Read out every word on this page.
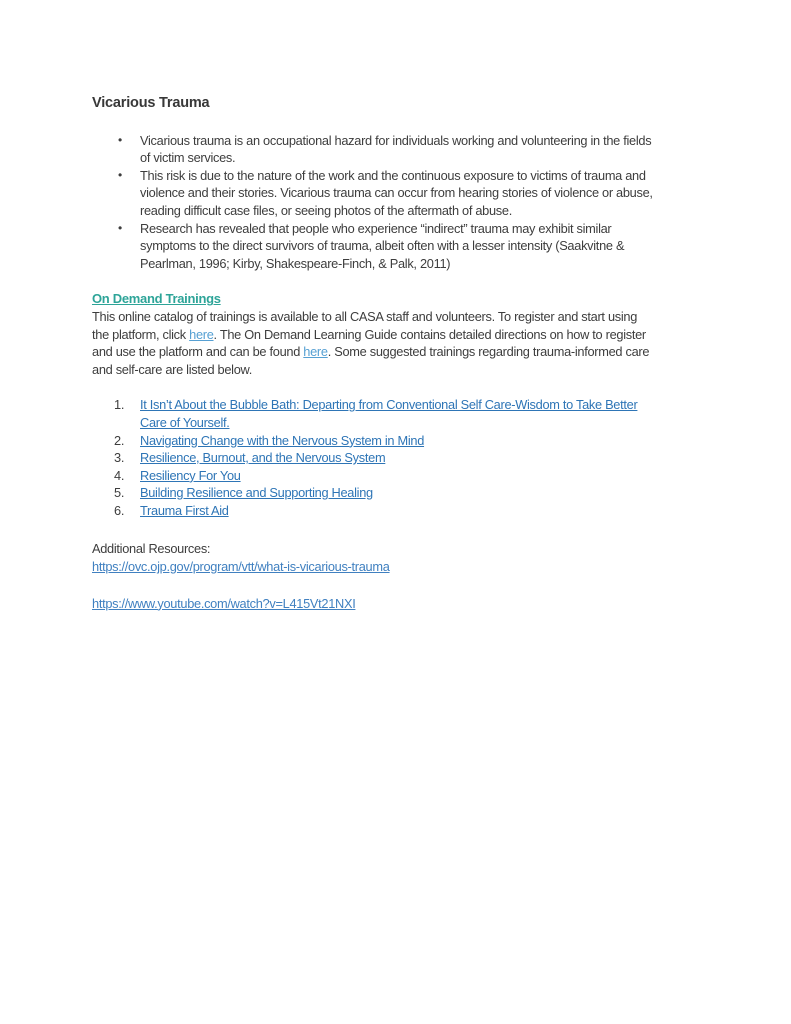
Vicarious Trauma
•	Vicarious trauma is an occupational hazard for individuals working and volunteering in the fields
of victim services.
•	This risk is due to the nature of the work and the continuous exposure to victims of trauma and
violence and their stories. Vicarious trauma can occur from hearing stories of violence or abuse,
reading difficult case files, or seeing photos of the aftermath of abuse.
•	Research has revealed that people who experience “indirect” trauma may exhibit similar
symptoms to the direct survivors of trauma, albeit often with a lesser intensity (Saakvitne &
Pearlman, 1996; Kirby, Shakespeare-Finch, & Palk, 2011)
On Demand Trainings

This online catalog of trainings is available to all CASA staff and volunteers. To register and start using
the platform, click here. The On Demand Learning Guide contains detailed directions on how to register
and use the platform and can be found here. Some suggested trainings regarding trauma-informed care
and self-care are listed below.

1.	It Isn’t About the Bubble Bath: Departing from Conventional Self Care-Wisdom to Take Better
Care of Yourself.
2.	Navigating Change with the Nervous System in Mind
3.	Resilience, Burnout, and the Nervous System
4.	Resiliency For You
5.	Building Resilience and Supporting Healing
6.	Trauma First Aid

Additional Resources:

https://ovc.ojp.gov/program/vtt/what-is-vicarious-trauma
https://www.youtube.com/watch?v=L415Vt21NXI
